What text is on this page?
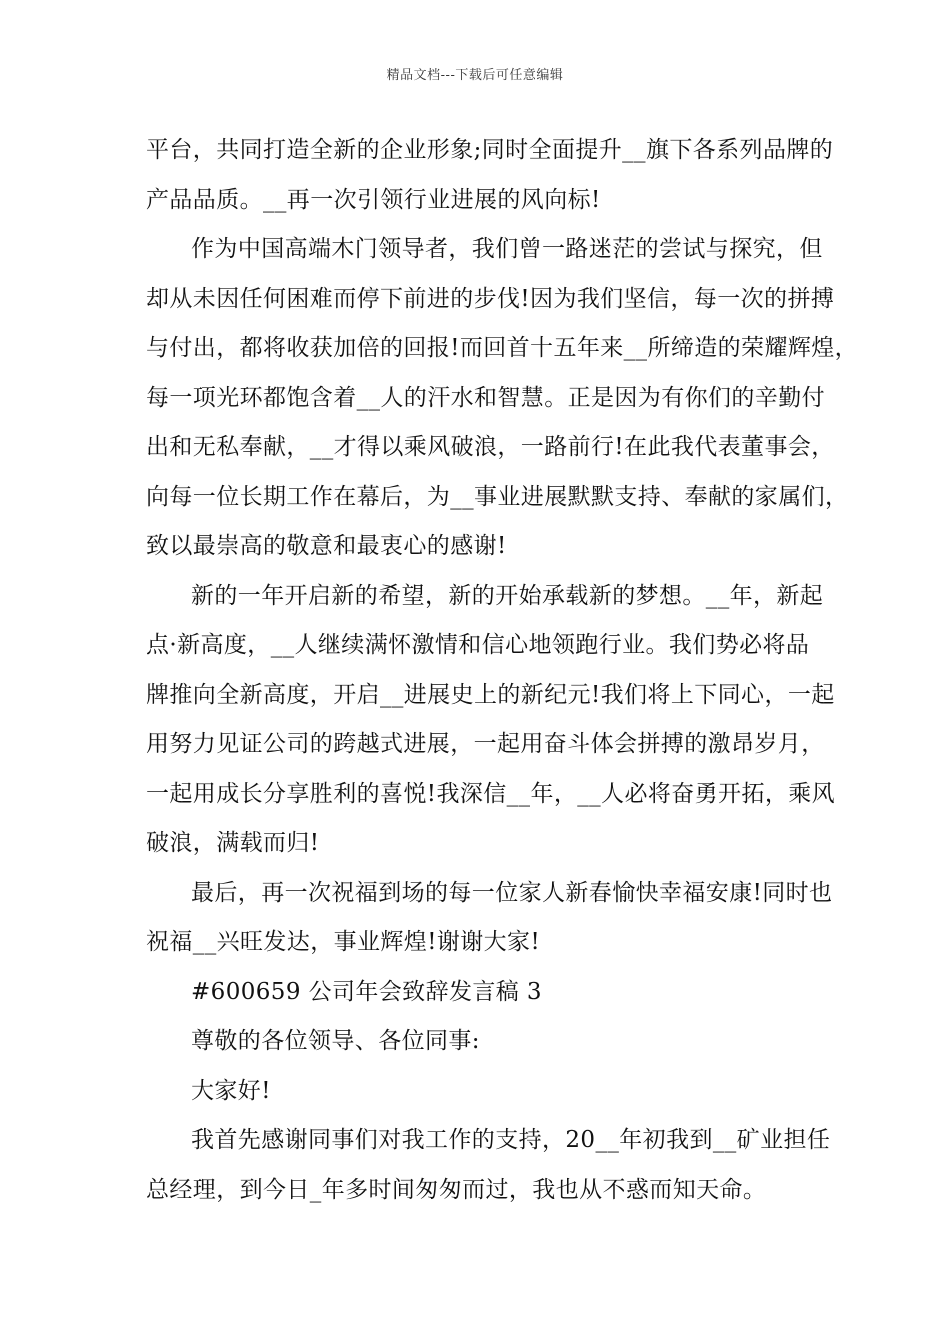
精品文档---下载后可任意编辑
平台，共同打造全新的企业形象;同时全面提升__旗下各系列品牌的
产品品质。__再一次引领行业进展的风向标!
作为中国高端木门领导者，我们曾一路迷茫的尝试与探究，但
却从未因任何困难而停下前进的步伐!因为我们坚信，每一次的拼搏
与付出，都将收获加倍的回报!而回首十五年来__所缔造的荣耀辉煌，
每一项光环都饱含着__人的汗水和智慧。正是因为有你们的辛勤付
出和无私奉献，__才得以乘风破浪，一路前行!在此我代表董事会，
向每一位长期工作在幕后，为__事业进展默默支持、奉献的家属们，
致以最崇高的敬意和最衷心的感谢!
新的一年开启新的希望，新的开始承载新的梦想。__年，新起
点·新高度，__人继续满怀激情和信心地领跑行业。我们势必将品
牌推向全新高度，开启__进展史上的新纪元!我们将上下同心，一起
用努力见证公司的跨越式进展，一起用奋斗体会拼搏的激昂岁月，
一起用成长分享胜利的喜悦!我深信__年，__人必将奋勇开拓，乘风
破浪，满载而归!
最后，再一次祝福到场的每一位家人新春愉快幸福安康!同时也
祝福__兴旺发达，事业辉煌!谢谢大家!
#600659 公司年会致辞发言稿 3
尊敬的各位领导、各位同事:
大家好!
我首先感谢同事们对我工作的支持，20__年初我到__矿业担任
总经理，到今日_年多时间匆匆而过，我也从不惑而知天命。
